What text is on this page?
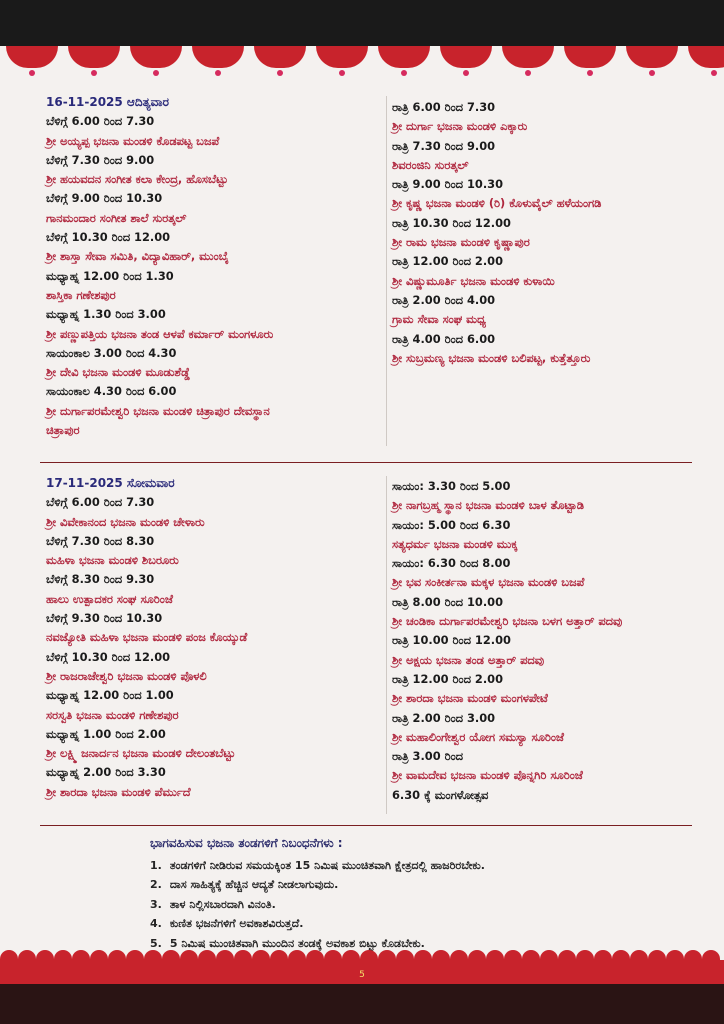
16-11-2025 ಆದಿತ್ಯವಾರ
ಬೆಳಿಗ್ಗೆ 6.00 ರಿಂದ 7.30
ಶ್ರೀ ಅಯ್ಯಪ್ಪ ಭಜನಾ ಮಂಡಳಿ ಕೊಡಪಟ್ಟ ಬಜಪೆ
ಬೆಳಿಗ್ಗೆ 7.30 ರಿಂದ 9.00
ಶ್ರೀ ಹಯವದನ ಸಂಗೀತ ಕಲಾ ಕೇಂದ್ರ, ಹೊಸಬೆಟ್ಟು
ಬೆಳಿಗ್ಗೆ 9.00 ರಿಂದ 10.30
ಗಾನಮಂದಾರ ಸಂಗೀತ ಶಾಲೆ ಸುರತ್ಕಲ್
ಬೆಳಿಗ್ಗೆ 10.30 ರಿಂದ 12.00
ಶ್ರೀ ಶಾಸ್ತಾ ಸೇವಾ ಸಮಿತಿ, ವಿದ್ಯಾವಿಹಾರ್, ಮುಂಬೈ
ಮಧ್ಯಾಹ್ನ 12.00 ರಿಂದ 1.30
ಶಾಸ್ತಿಕಾ ಗಣೇಶಪುರ
ಮಧ್ಯಾಹ್ನ 1.30 ರಿಂದ 3.00
ಶ್ರೀ ಪಣ್ಣುಪತ್ತಿಯ ಭಜನಾ ತಂಡ ಆಳಪೆ ಕರ್ಮಾರ್ ಮಂಗಳೂರು
ಸಾಯಂಕಾಲ 3.00 ರಿಂದ 4.30
ಶ್ರೀ ದೇವಿ ಭಜನಾ ಮಂಡಳಿ ಮೂಡುಶೆಡ್ಡೆ
ಸಾಯಂಕಾಲ 4.30 ರಿಂದ 6.00
ಶ್ರೀ ದುರ್ಗಾಪರಮೇಶ್ವರಿ ಭಜನಾ ಮಂಡಳಿ ಚಿತ್ರಾಪುರ ದೇವಸ್ಥಾನ
ಚಿತ್ರಾಪುರ
ರಾತ್ರಿ 6.00 ರಿಂದ 7.30
ಶ್ರೀ ದುರ್ಗಾ ಭಜನಾ ಮಂಡಳಿ ಎಕ್ಕಾರು
ರಾತ್ರಿ 7.30 ರಿಂದ 9.00
ಶಿವರಂಜಿನಿ ಸುರತ್ಕಲ್
ರಾತ್ರಿ 9.00 ರಿಂದ 10.30
ಶ್ರೀ ಕೃಷ್ಣ ಭಜನಾ ಮಂಡಳಿ (ರಿ) ಕೊಳುವೈಲ್ ಹಳೆಯಂಗಡಿ
ರಾತ್ರಿ 10.30 ರಿಂದ 12.00
ಶ್ರೀ ರಾಮ ಭಜನಾ ಮಂಡಳಿ ಕೃಷ್ಣಾಪುರ
ರಾತ್ರಿ 12.00 ರಿಂದ 2.00
ಶ್ರೀ ವಿಷ್ಣುಮೂರ್ತಿ ಭಜನಾ ಮಂಡಳಿ ಕುಳಾಯಿ
ರಾತ್ರಿ 2.00 ರಿಂದ 4.00
ಗ್ರಾಮ ಸೇವಾ ಸಂಘ ಮಧ್ಯ
ರಾತ್ರಿ 4.00 ರಿಂದ 6.00
ಶ್ರೀ ಸುಬ್ರಮಣ್ಯ ಭಜನಾ ಮಂಡಳಿ ಬಲಿಪಟ್ಟ, ಕುತ್ತೆತ್ತೂರು
17-11-2025 ಸೋಮವಾರ
ಬೆಳಿಗ್ಗೆ 6.00 ರಿಂದ 7.30
ಶ್ರೀ ವಿವೇಕಾನಂದ ಭಜನಾ ಮಂಡಳಿ ಚೇಳಾರು
ಬೆಳಿಗ್ಗೆ 7.30 ರಿಂದ 8.30
ಮಹಿಳಾ ಭಜನಾ ಮಂಡಳಿ ಶಿಬರೂರು
ಬೆಳಿಗ್ಗೆ 8.30 ರಿಂದ 9.30
ಹಾಲು ಉತ್ಪಾದಕರ ಸಂಘ ಸೂರಿಂಜೆ
ಬೆಳಿಗ್ಗೆ 9.30 ರಿಂದ 10.30
ನವಜ್ಯೋತಿ ಮಹಿಳಾ ಭಜನಾ ಮಂಡಳಿ ಪಂಜ ಕೊಯ್ಕುಡೆ
ಬೆಳಿಗ್ಗೆ 10.30 ರಿಂದ 12.00
ಶ್ರೀ ರಾಜರಾಜೇಶ್ವರಿ ಭಜನಾ ಮಂಡಳಿ ಪೊಳಲಿ
ಮಧ್ಯಾಹ್ನ 12.00 ರಿಂದ 1.00
ಸರಸ್ವತಿ ಭಜನಾ ಮಂಡಳಿ ಗಣೇಶಪುರ
ಮಧ್ಯಾಹ್ನ 1.00 ರಿಂದ 2.00
ಶ್ರೀ ಲಕ್ಷ್ಮಿ ಜನಾರ್ದನ ಭಜನಾ ಮಂಡಳಿ ದೇಲಂತಬೆಟ್ಟು
ಮಧ್ಯಾಹ್ನ 2.00 ರಿಂದ 3.30
ಶ್ರೀ ಶಾರದಾ ಭಜನಾ ಮಂಡಳಿ ಪೆರ್ಮುದೆ
ಸಾಯಂ: 3.30 ರಿಂದ 5.00
ಶ್ರೀ ನಾಗಬ್ರಹ್ಮ ಸ್ಥಾನ ಭಜನಾ ಮಂಡಳಿ ಬಾಳ ತೊಟ್ಟಾಡಿ
ಸಾಯಂ: 5.00 ರಿಂದ 6.30
ಸತ್ಯಧರ್ಮ ಭಜನಾ ಮಂಡಳಿ ಮುಕ್ಕ
ಸಾಯಂ: 6.30 ರಿಂದ 8.00
ಶ್ರೀ ಭವ ಸಂಕೀರ್ತನಾ ಮಕ್ಕಳ ಭಜನಾ ಮಂಡಳಿ ಬಜಪೆ
ರಾತ್ರಿ 8.00 ರಿಂದ 10.00
ಶ್ರೀ ಚಂಡಿಕಾ ದುರ್ಗಾಪರಮೇಶ್ವರಿ ಭಜನಾ ಬಳಗ ಅತ್ತಾರ್ ಪದವು
ರಾತ್ರಿ 10.00 ರಿಂದ 12.00
ಶ್ರೀ ಅಕ್ಷಯ ಭಜನಾ ತಂಡ ಅತ್ತಾರ್ ಪದವು
ರಾತ್ರಿ 12.00 ರಿಂದ 2.00
ಶ್ರೀ ಶಾರದಾ ಭಜನಾ ಮಂಡಳಿ ಮಂಗಳಪೇಟೆ
ರಾತ್ರಿ 2.00 ರಿಂದ 3.00
ಶ್ರೀ ಮಹಾಲಿಂಗೇಶ್ವರ ಯೋಗ ಸಮಸ್ಯಾ ಸೂರಿಂಜೆ
ರಾತ್ರಿ 3.00 ರಿಂದ
ಶ್ರೀ ವಾಮದೇವ ಭಜನಾ ಮಂಡಳಿ ಪೊನ್ನಗಿರಿ ಸೂರಿಂಜೆ
6.30 ಕ್ಕೆ ಮಂಗಳೋತ್ಸವ
ಭಾಗವಹಿಸುವ ಭಜನಾ ತಂಡಗಳಿಗೆ ನಿಬಂಧನೆಗಳು :
1. ತಂಡಗಳಿಗೆ ನೀಡಿರುವ ಸಮಯಕ್ಕಿಂತ 15 ನಿಮಿಷ ಮುಂಚಿತವಾಗಿ ಕ್ಷೇತ್ರದಲ್ಲಿ ಹಾಜರಿರಬೇಕು.
2. ದಾಸ ಸಾಹಿತ್ಯಕ್ಕೆ ಹೆಚ್ಚಿನ ಆದ್ಯತೆ ನೀಡಲಾಗುವುದು.
3. ತಾಳ ನಿಲ್ಲಿಸಬಾರದಾಗಿ ವಿನಂತಿ.
4. ಕುಣಿತ ಭಜನೆಗಳಿಗೆ ಅವಕಾಶವಿರುತ್ತದೆ.
5. 5 ನಿಮಿಷ ಮುಂಚಿತವಾಗಿ ಮುಂದಿನ ತಂಡಕ್ಕೆ ಅವಕಾಶ ಬಿಟ್ಟು ಕೊಡಬೇಕು.
5
